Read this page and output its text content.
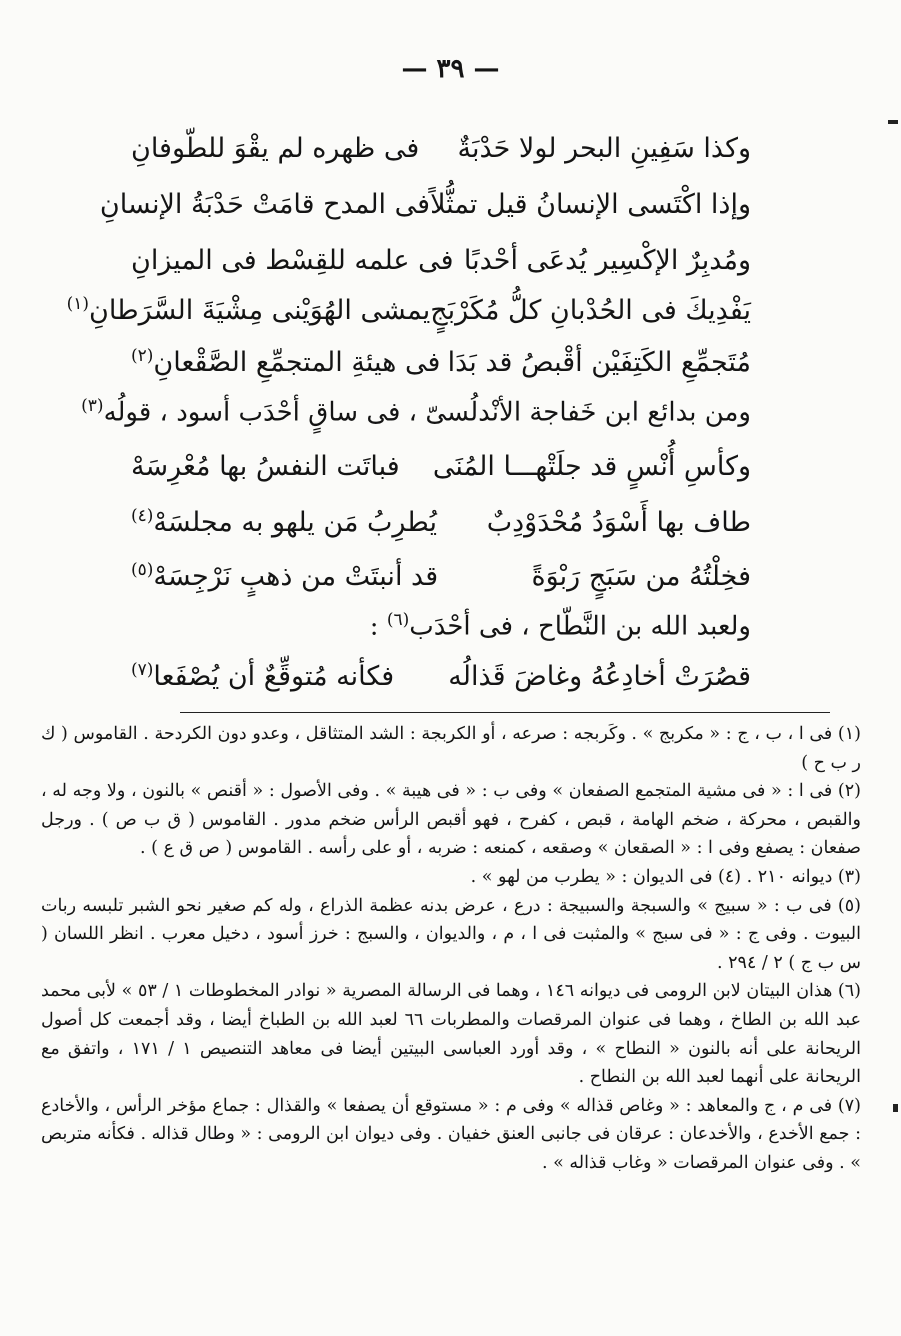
— ٣٩ —
وكذا سَفِينِ البحر لولا حَدْبَةٌ
فى ظهره لم يقْوَ للطّوفانِ
وإذا اكْتَسى الإنسانُ قيل تمثُّلاً
فى المدح قامَتْ حَدْبَةُ الإنسانِ
ومُدبِرٌ الإكْسِير يُدعَى أحْدبًا
فى علمه للقِسْط فى الميزانِ
يَفْدِيكَ فى الحُدْبانِ كلُّ مُكَرْبَجٍ
يمشى الهُوَيْنى مِشْيَةَ السَّرَطانِ$^{(١)}$
مُتَجمِّعِ الكَتِفَيْن أقْبصُ قد بَدَا
فى هيئةِ المتجمِّعِ الصَّقْعانِ$^{(٢)}$
ومن بدائع ابن خَفاجة الأنْدلُسىّ ، فى ساقٍ أحْدَب أسود ، قولُه$^{(٣)}$
وكأسِ أُنْسٍ قد جلَتْهـــا المُنَى
فباتَت النفسُ بها مُعْرِسَهْ
طاف بها أَسْوَدُ مُحْدَوْدِبٌ
يُطرِبُ مَن يلهو به مجلسَهْ$^{(٤)}$
فخِلْتُهُ من سَبَجٍ رَبْوَةً
قد أنبتَتْ من ذهبٍ نَرْجِسَهْ$^{(٥)}$
ولعبد الله بن النَّطّاح ، فى أحْدَب$^{(٦)}$ :
قصُرَتْ أخادِعُهُ وغاضَ قَذالُه
فكأنه مُتوقِّعٌ أن يُصْفَعا$^{(٧)}$

(١) فى ا ، ب ، ج : « مكربج » . وكَربجه : صرعه ، أو الكربجة : الشد المتثاقل ، وعدو دون الكردحة . القاموس ( ك ر ب ح )

(٢) فى ا : « فى مشية المتجمع الصفعان » وفى ب : « فى هيبة » . وفى الأصول : « أقنص » بالنون ، ولا وجه له ، والقبص ، محركة ، ضخم الهامة ، قبص ، كفرح ، فهو أقبص الرأس ضخم مدور . القاموس ( ق ب ص ) . ورجل صفعان : يصفع وفى ا : « الصقعان » وصقعه ، كمنعه : ضربه ، أو على رأسه . القاموس ( ص ق ع ) .

(٣) ديوانه ٢١٠ . (٤) فى الديوان : « يطرب من لهو » .

(٥) فى ب : « سبيج » والسبجة والسبيجة : درع ، عرض بدنه عظمة الذراع ، وله كم صغير نحو الشبر تلبسه ربات البيوت . وفى ج : « فى سبج » والمثبت فى ا ، م ، والديوان ، والسبج : خرز أسود ، دخيل معرب . انظر اللسان ( س ب ج ) ٢ / ٢٩٤ .

(٦) هذان البيتان لابن الرومى فى ديوانه ١٤٦ ، وهما فى الرسالة المصرية « نوادر المخطوطات ١ / ٥٣ » لأبى محمد عبد الله بن الطاخ ، وهما فى عنوان المرقصات والمطربات ٦٦ لعبد الله بن الطباخ أيضا ، وقد أجمعت كل أصول الريحانة على أنه بالنون « النطاح » ، وقد أورد العباسى البيتين أيضا فى معاهد التنصيص ١ / ١٧١ ، واتفق مع الريحانة على أنهما لعبد الله بن النطاح .

(٧) فى م ، ج والمعاهد : « وغاص قذاله » وفى م : « مستوقع أن يصفعا » والقذال : جماع مؤخر الرأس ، والأخادع : جمع الأخدع ، والأخدعان : عرقان فى جانبى العنق خفيان . وفى ديوان ابن الرومى : « وطال قذاله . فكأنه متربص » . وفى عنوان المرقصات « وغاب قذاله » .
